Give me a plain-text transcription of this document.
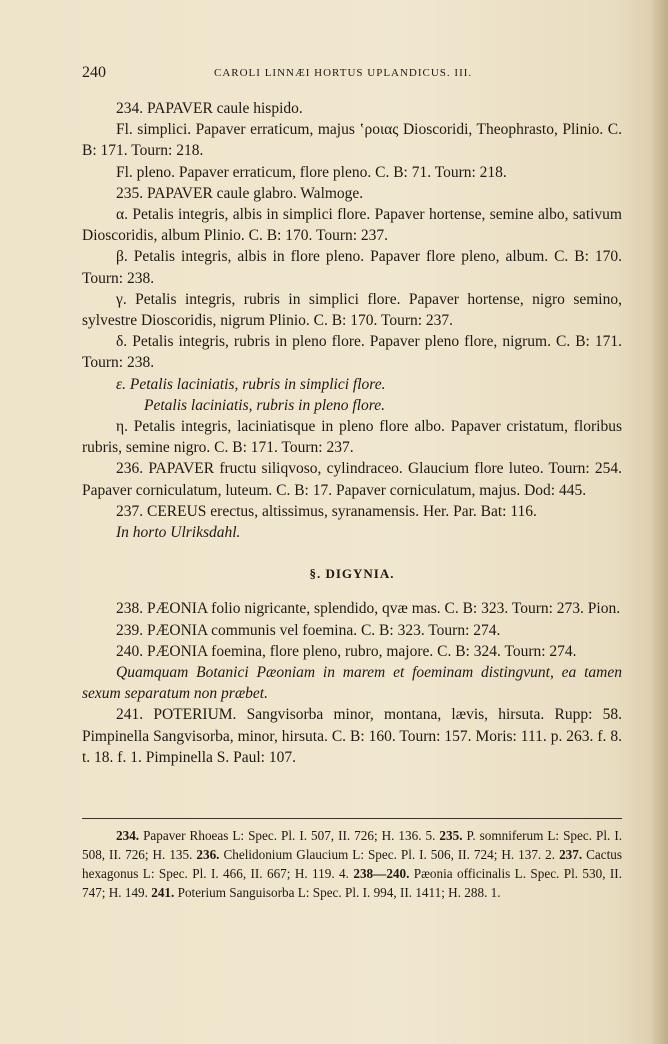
240	CAROLI LINNÆI HORTUS UPLANDICUS. III.

234. PAPAVER caule hispido.

Fl. simplici. Papaver erraticum, majus ʽροιας Dioscoridi, Theophrasto, Plinio. C. B: 171. Tourn: 218.

Fl. pleno. Papaver erraticum, flore pleno. C. B: 71. Tourn: 218.

235. PAPAVER caule glabro. Walmoge.

α. Petalis integris, albis in simplici flore. Papaver hortense, semine albo, sativum Dioscoridis, album Plinio. C. B: 170. Tourn: 237.

β. Petalis integris, albis in flore pleno. Papaver flore pleno, album. C. B: 170. Tourn: 238.

γ. Petalis integris, rubris in simplici flore. Papaver hortense, nigro semino, sylvestre Dioscoridis, nigrum Plinio. C. B: 170. Tourn: 237.

δ. Petalis integris, rubris in pleno flore. Papaver pleno flore, nigrum. C. B: 171. Tourn: 238.

ε. Petalis laciniatis, rubris in simplici flore.

Petalis laciniatis, rubris in pleno flore.

η. Petalis integris, laciniatisque in pleno flore albo. Papaver cristatum, floribus rubris, semine nigro. C. B: 171. Tourn: 237.

236. PAPAVER fructu siliqvoso, cylindraceo. Glaucium flore luteo. Tourn: 254. Papaver corniculatum, luteum. C. B: 17. Papaver corniculatum, majus. Dod: 445.

237. CEREUS erectus, altissimus, syranamensis. Her. Par. Bat: 116.

In horto Ulriksdahl.

§. DIGYNIA.

238. PÆONIA folio nigricante, splendido, qvæ mas. C. B: 323. Tourn: 273. Pion.

239. PÆONIA communis vel foemina. C. B: 323. Tourn: 274.

240. PÆONIA foemina, flore pleno, rubro, majore. C. B: 324. Tourn: 274.

Quamquam Botanici Pæoniam in marem et foeminam distingvunt, ea tamen sexum separatum non præbet.

241. POTERIUM. Sangvisorba minor, montana, lævis, hirsuta. Rupp: 58. Pimpinella Sangvisorba, minor, hirsuta. C. B: 160. Tourn: 157. Moris: 111. p. 263. f. 8. t. 18. f. 1. Pimpinella S. Paul: 107.

234. Papaver Rhoeas L: Spec. Pl. I. 507, II. 726; H. 136. 5. 235. P. somniferum L: Spec. Pl. I. 508, II. 726; H. 135. 236. Chelidonium Glaucium L: Spec. Pl. I. 506, II. 724; H. 137. 2. 237. Cactus hexagonus L: Spec. Pl. I. 466, II. 667; H. 119. 4. 238—240. Pæonia officinalis L. Spec. Pl. 530, II. 747; H. 149. 241. Poterium Sanguisorba L: Spec. Pl. I. 994, II. 1411; H. 288. 1.
